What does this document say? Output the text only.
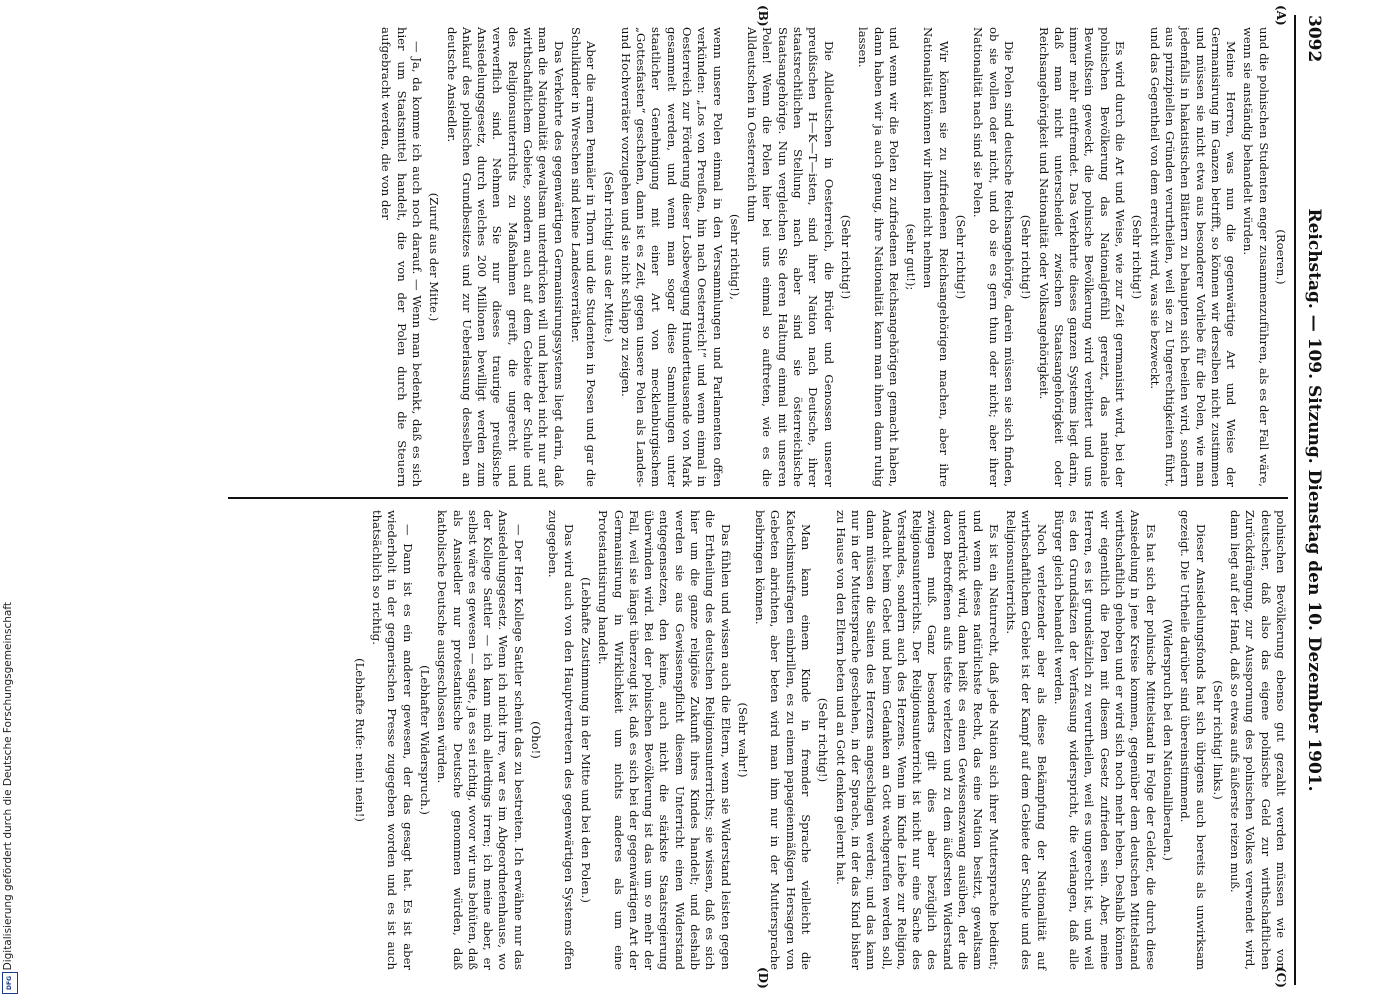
Digitalisierung gefördert durch die Deutsche Forschungsgemeinschaft
DFG
3092
Reichstag. — 109. Sitzung. Dienstag den 10. Dezember 1901.
(A)
(B)
(C)
(D)

(Roeren.)

und die polnischen Studenten enger zusammenzuführen, als es der Fall wäre, wenn sie anständig behandelt würden.

Meine Herren, was nun die gegenwärtige Art und Weise der Germanisirung im Ganzen betrifft, so können wir derselben nicht zustimmen und müssen sie nicht etwa aus besonderer Vorliebe für die Polen, wie man jedenfalls in hakatistischen Blättern zu behaupten sich beeilen wird, sondern aus prinzipiellen Gründen verurtheilen, weil sie zu Ungerechtigkeiten führt, und das Gegentheil von dem erreicht wird, was sie bezweckt.

(Sehr richtig!)

Es wird durch die Art und Weise, wie zur Zeit germanisirt wird, bei der polnischen Bevölkerung das Nationalgefühl gereizt, das nationale Bewußtsein geweckt, die polnische Bevölkerung wird verbittert und uns immer mehr entfremdet. Das Verkehrte dieses ganzen Systems liegt darin, daß man nicht unterscheidet zwischen Staatsangehörigkeit oder Reichsangehörigkeit und Nationalität oder Volksangehörigkeit.

(Sehr richtig!)

Die Polen sind deutsche Reichsangehörige, darein müssen sie sich finden, ob sie wollen oder nicht, und ob sie es gern thun oder nicht; aber ihrer Nationalität nach sind sie Polen.

(Sehr richtig!)

Wir können sie zu zufriedenen Reichsangehörigen machen, aber ihre Nationalität können wir ihnen nicht nehmen

(sehr gut!);

und wenn wir die Polen zu zufriedenen Reichsangehörigen gemacht haben, dann haben wir ja auch genug, ihre Nationalität kann man ihnen dann ruhig lassen.

(Sehr richtig!)

Die Alldeutschen in Oesterreich, die Brüder und Genossen unserer preußischen H—K—T—isten, sind ihrer Nation nach Deutsche, ihrer staatsrechtlichen Stellung nach aber sind sie österreichische Staatsangehörige. Nun vergleichen Sie deren Haltung einmal mit unseren Polen! Wenn die Polen hier bei uns einmal so auftreten, wie es die Alldeutschen in Oesterreich thun

(sehr richtig!),

wenn unsere Polen einmal in den Versammlungen und Parlamenten offen verkünden: „Los von Preußen, hin nach Oesterreich!“ und wenn einmal in Oesterreich zur Förderung dieser Losbewegung Hunderttausende von Mark gesammelt werden, und wenn man sogar diese Sammlungen unter staatlicher Genehmigung mit einer Art von mecklenburgischem „Gottesfasten“ geschehen, dann ist es Zeit, gegen unsere Polen als Landes- und Hochverräter vorzugehen und sie nicht schlapp zu zeigen.

(Sehr richtig! aus der Mitte.)

Aber die armen Pennäler in Thorn und die Studenten in Posen und gar die Schulkinder in Wreschen sind keine Landesverräther.

Das Verkehrte des gegenwärtigen Germanisirungssystems liegt darin, daß man die Nationalität gewaltsam unterdrücken will und hierbei nicht nur auf wirthschaftlichem Gebiete, sondern auch auf dem Gebiete der Schule und des Religionsunterrichts zu Maßnahmen greift, die ungerecht und verwerflich sind. Nehmen Sie nur dieses traurige preußische Ansiedelungsgesetz, durch welches 200 Millionen bewilligt werden zum Ankauf des polnischen Grundbesitzes und zur Ueberlassung desselben an deutsche Ansiedler.

(Zuruf aus der Mitte.)

— Ja, da komme ich auch noch darauf. — Wenn man bedenkt, daß es sich hier um Staatsmittel handelt, die von der Polen durch die Steuern aufgebracht werden, die von der

polnischen Bevölkerung ebenso gut gezahlt werden müssen wie von deutscher, daß also das eigene polnische Geld zur wirthschaftlichen Zurückdrängung, zur Ausspornung des polnischen Volkes verwendet wird, dann liegt auf der Hand, daß so etwas aufs äußerste reizen muß.

(Sehr richtig! links.)

Dieser Ansiedelungsfonds hat sich übrigens auch bereits als unwirksam gezeigt. Die Urtheile darüber sind übereinstimmend.

(Widerspruch bei den Nationalliberalen.)

Es hat sich der polnische Mittelstand in Folge der Gelder, die durch diese Ansiedelung in jene Kreise kommen, gegenüber dem deutschen Mittelstand wirthschaftlich gehoben und er wird sich noch mehr heben. Deshalb können wir eigentlich die Polen mit diesem Gesetz zufrieden sein. Aber, meine Herren, es ist grundsätzlich zu verurtheilen, weil es ungerecht ist, und weil es den Grundsätzen der Verfassung widerspricht, die verlangen, daß alle Bürger gleich behandelt werden.

Noch verletzender aber als diese Bekämpfung der Nationalität auf wirthschaftlichem Gebiet ist der Kampf auf dem Gebiete der Schule und des Religionsunterrichts.

Es ist ein Naturrecht, daß jede Nation sich ihrer Muttersprache bedient; und wenn dieses natürlichste Recht, das eine Nation besitzt, gewaltsam unterdrückt wird, dann heißt es einen Gewissenszwang ausüben, der die davon Betroffenen aufs tiefste verletzen und zu dem äußersten Widerstand zwingen muß. Ganz besonders gilt dies aber bezüglich des Religionsunterrichts. Der Religionsunterricht ist nicht nur eine Sache des Verstandes, sondern auch des Herzens. Wenn im Kinde Liebe zur Religion, Andacht beim Gebet und beim Gedanken an Gott wachgerufen werden soll, dann müssen die Saiten des Herzens angeschlagen werden; und das kann nur in der Muttersprache geschehen, in der Sprache, in der das Kind bisher zu Hause von den Eltern beten und an Gott denken gelernt hat.

(Sehr richtig!)

Man kann einem Kinde in fremder Sprache vielleicht die Katechismusfragen einbrillen, es zu einem papageienmäßigen Hersagen von Gebeten abrichten, aber beten wird man ihm nur in der Muttersprache beibringen können.

(Sehr wahr!)

Das fühlen und wissen auch die Eltern, wenn sie Widerstand leisten gegen die Ertheilung des deutschen Religionsunterrichts; sie wissen, daß es sich hier um die ganze religiöse Zukunft ihres Kindes handelt; und deshalb werden sie aus Gewissenspflicht diesem Unterricht einen Widerstand entgegensetzen, den keine, auch nicht die stärkste Staatsregierung überwinden wird. Bei der polnischen Bevölkerung ist das um so mehr der Fall, weil sie längst überzeugt ist, daß es sich bei der gegenwärtigen Art der Germanisirung in Wirklichkeit um nichts anderes als um eine Protestantisirung handelt.

(Lebhafte Zustimmung in der Mitte und bei den Polen.)

Das wird auch von den Hauptvertretern des gegenwärtigen Systems offen zugegeben.

(Oho!)

— Der Herr Kollege Sattler scheint das zu bestreiten. Ich erwähne nur das Ansiedelungsgesetz. Wenn ich nicht irre, war es im Abgeordnetenhause, wo der Kollege Sattler — ich kann mich allerdings irren; ich meine aber, er selbst wäre es gewesen — sagte, ja es sei richtig, wovor wir uns behüten, daß als Ansiedler nur protestantische Deutsche genommen würden, daß katholische Deutsche ausgeschlossen würden.

(Lebhafter Widerspruch.)

— Dann ist es ein anderer gewesen, der das gesagt hat. Es ist aber wiederholt in der gegnerischen Presse zugegeben worden und es ist auch thatsächlich so richtig.

(Lebhafte Rufe: nein! nein!)
